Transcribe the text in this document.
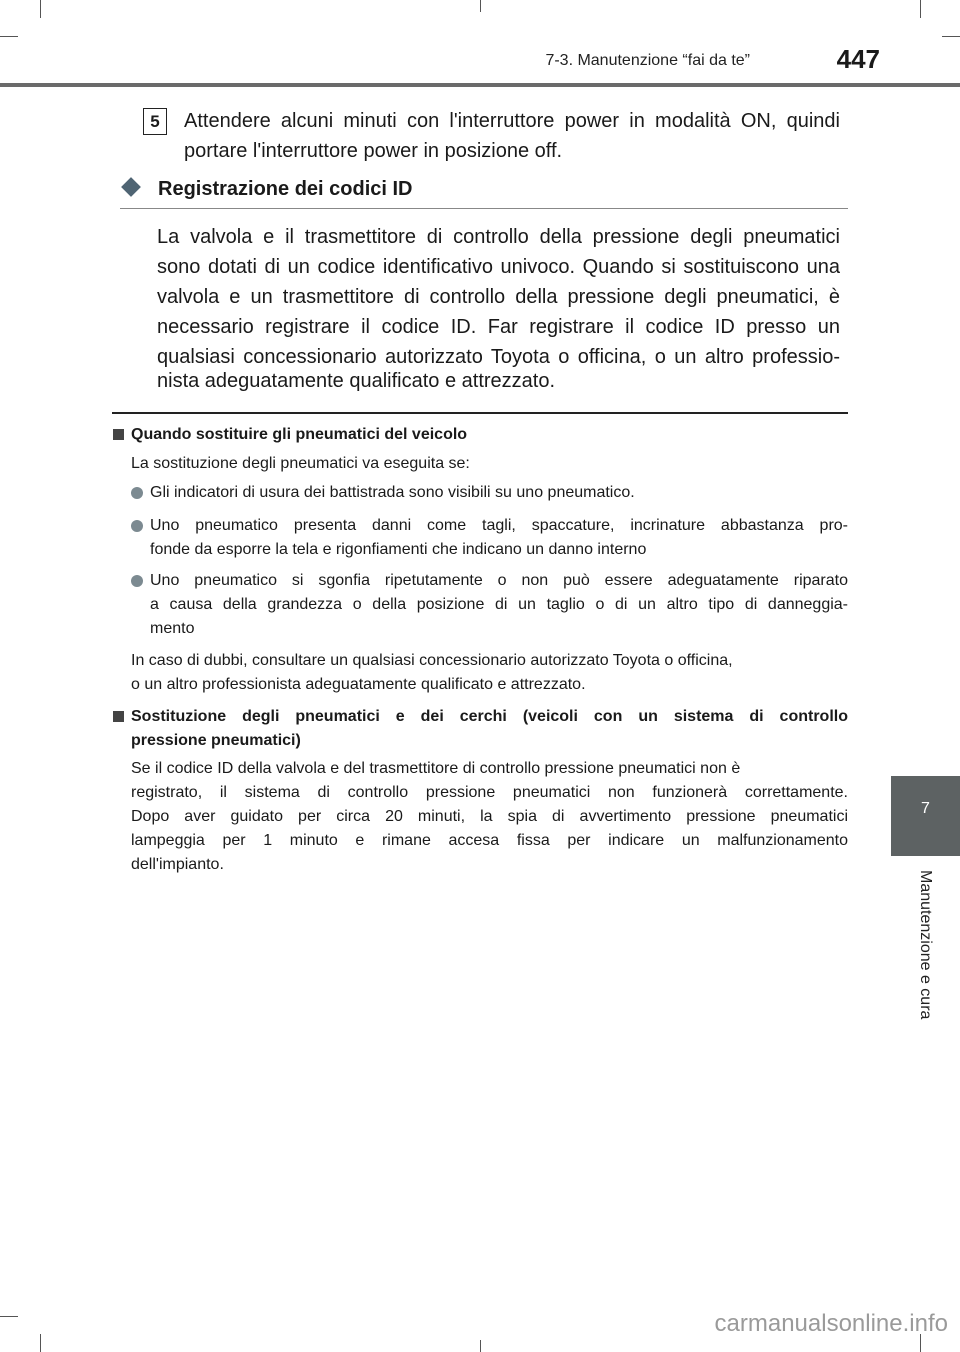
7-3. Manutenzione “fai da te”	447
7
Manutenzione e cura
5	Attendere alcuni minuti con l'interruttore power in modalità ON, quindi
portare l'interruttore power in posizione off.
Registrazione dei codici ID
La valvola e il trasmettitore di controllo della pressione degli pneumatici
sono dotati di un codice identificativo univoco. Quando si sostituiscono una
valvola e un trasmettitore di controllo della pressione degli pneumatici, è
necessario registrare il codice ID. Far registrare il codice ID presso un
qualsiasi concessionario autorizzato Toyota o officina, o un altro professio-
nista adeguatamente qualificato e attrezzato.
Quando sostituire gli pneumatici del veicolo
La sostituzione degli pneumatici va eseguita se:
Gli indicatori di usura dei battistrada sono visibili su uno pneumatico.
Uno pneumatico presenta danni come tagli, spaccature, incrinature abbastanza pro-
fonde da esporre la tela e rigonfiamenti che indicano un danno interno
Uno pneumatico si sgonfia ripetutamente o non può essere adeguatamente riparato
a causa della grandezza o della posizione di un taglio o di un altro tipo di danneggia-
mento
In caso di dubbi, consultare un qualsiasi concessionario autorizzato Toyota o officina,
o un altro professionista adeguatamente qualificato e attrezzato.
Sostituzione degli pneumatici e dei cerchi (veicoli con un sistema di controllo
pressione pneumatici)
Se il codice ID della valvola e del trasmettitore di controllo pressione pneumatici non è
registrato, il sistema di controllo pressione pneumatici non funzionerà correttamente.
Dopo aver guidato per circa 20 minuti, la spia di avvertimento pressione pneumatici
lampeggia per 1 minuto e rimane accesa fissa per indicare un malfunzionamento
dell'impianto.
carmanualsonline.info
